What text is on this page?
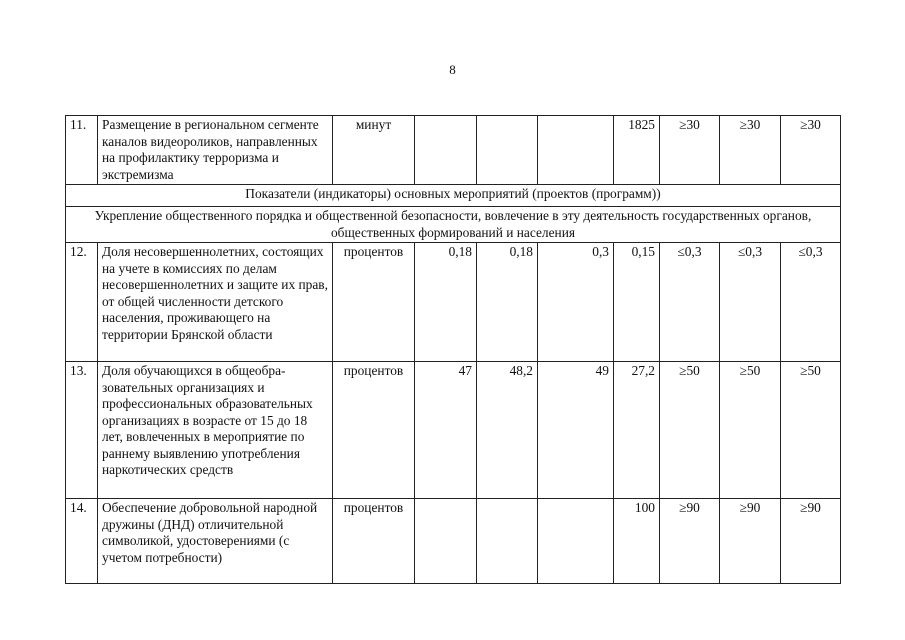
8
11.	Размещение в региональном сегменте каналов видеороликов, направленных на профилактику терроризма и экстремизма	минут				1825	≥30	≥30	≥30
Показатели (индикаторы) основных мероприятий (проектов (программ))									
Укрепление общественного порядка и общественной безопасности, вовлечение в эту деятельность государственных органов, общественных формирований и населения									
12.	Доля несовершеннолетних, состоящих на учете в комиссиях по делам несовершеннолетних и защите их прав, от общей численности детского населения, проживающего на территории Брянской области	процентов	0,18	0,18	0,3	0,15	≤0,3	≤0,3	≤0,3
13.	Доля обучающихся в общеобразовательных организациях и профессиональных образовательных организациях в возрасте от 15 до 18 лет, вовлеченных в мероприятие по раннему выявлению употребления наркотических средств	процентов	47	48,2	49	27,2	≥50	≥50	≥50
14.	Обеспечение добровольной народной дружины (ДНД) отличительной символикой, удостоверениями (с учетом потребности)	процентов				100	≥90	≥90	≥90
